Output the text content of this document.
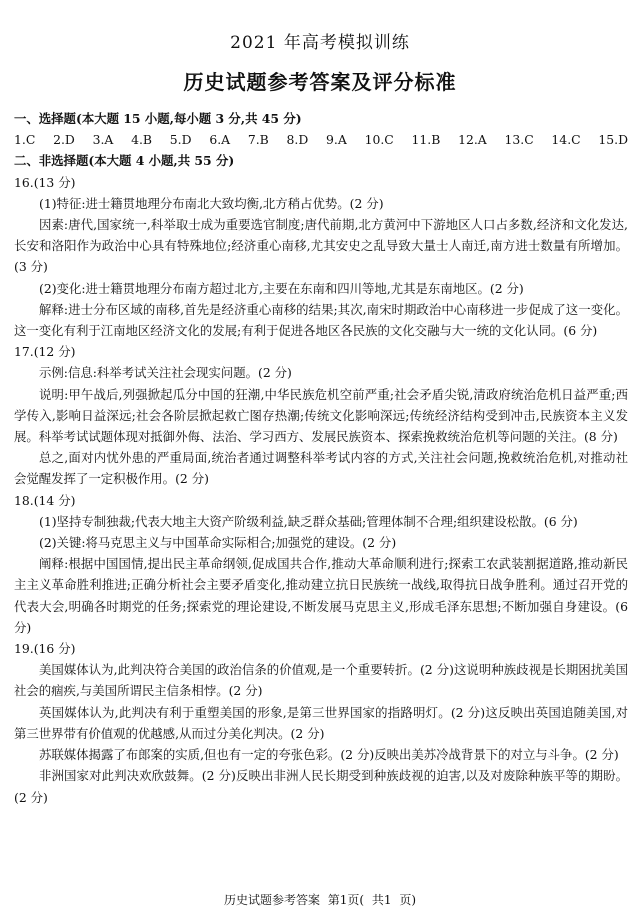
2021 年高考模拟训练
历史试题参考答案及评分标准

一、选择题(本大题 15 小题,每小题 3 分,共 45 分)

1.C 2.D 3.A 4.B 5.D 6.A 7.B 8.D 9.A 10.C 11.B 12.A 13.C 14.C 15.D

二、非选择题(本大题 4 小题,共 55 分)

16.(13 分)

(1)特征:进士籍贯地理分布南北大致均衡,北方稍占优势。(2 分)

因素:唐代,国家统一,科举取士成为重要选官制度;唐代前期,北方黄河中下游地区人口占多数,经济和文化发达,长安和洛阳作为政治中心具有特殊地位;经济重心南移,尤其安史之乱导致大量士人南迁,南方进士数量有所增加。(3 分)

(2)变化:进士籍贯地理分布南方超过北方,主要在东南和四川等地,尤其是东南地区。(2 分)

解释:进士分布区域的南移,首先是经济重心南移的结果;其次,南宋时期政治中心南移进一步促成了这一变化。这一变化有利于江南地区经济文化的发展;有利于促进各地区各民族的文化交融与大一统的文化认同。(6 分)

17.(12 分)

示例:信息:科举考试关注社会现实问题。(2 分)

说明:甲午战后,列强掀起瓜分中国的狂潮,中华民族危机空前严重;社会矛盾尖锐,清政府统治危机日益严重;西学传入,影响日益深远;社会各阶层掀起救亡图存热潮;传统文化影响深远;传统经济结构受到冲击,民族资本主义发展。科举考试试题体现对抵御外侮、法治、学习西方、发展民族资本、探索挽救统治危机等问题的关注。(8 分)

总之,面对内忧外患的严重局面,统治者通过调整科举考试内容的方式,关注社会问题,挽救统治危机,对推动社会觉醒发挥了一定积极作用。(2 分)

18.(14 分)

(1)坚持专制独裁;代表大地主大资产阶级利益,缺乏群众基础;管理体制不合理;组织建设松散。(6 分)

(2)关键:将马克思主义与中国革命实际相合;加强党的建设。(2 分)

阐释:根据中国国情,提出民主革命纲领,促成国共合作,推动大革命顺利进行;探索工农武装割据道路,推动新民主主义革命胜利推进;正确分析社会主要矛盾变化,推动建立抗日民族统一战线,取得抗日战争胜利。通过召开党的代表大会,明确各时期党的任务;探索党的理论建设,不断发展马克思主义,形成毛泽东思想;不断加强自身建设。(6 分)

19.(16 分)

美国媒体认为,此判决符合美国的政治信条的价值观,是一个重要转折。(2 分)这说明种族歧视是长期困扰美国社会的痼疾,与美国所谓民主信条相悖。(2 分)

英国媒体认为,此判决有利于重塑美国的形象,是第三世界国家的指路明灯。(2 分)这反映出英国追随美国,对第三世界带有价值观的优越感,从而过分美化判决。(2 分)

苏联媒体揭露了布郎案的实质,但也有一定的夸张色彩。(2 分)反映出美苏冷战背景下的对立与斗争。(2 分)

非洲国家对此判决欢欣鼓舞。(2 分)反映出非洲人民长期受到种族歧视的迫害,以及对废除种族平等的期盼。(2 分)

历史试题参考答案 第1页( 共1 页)
